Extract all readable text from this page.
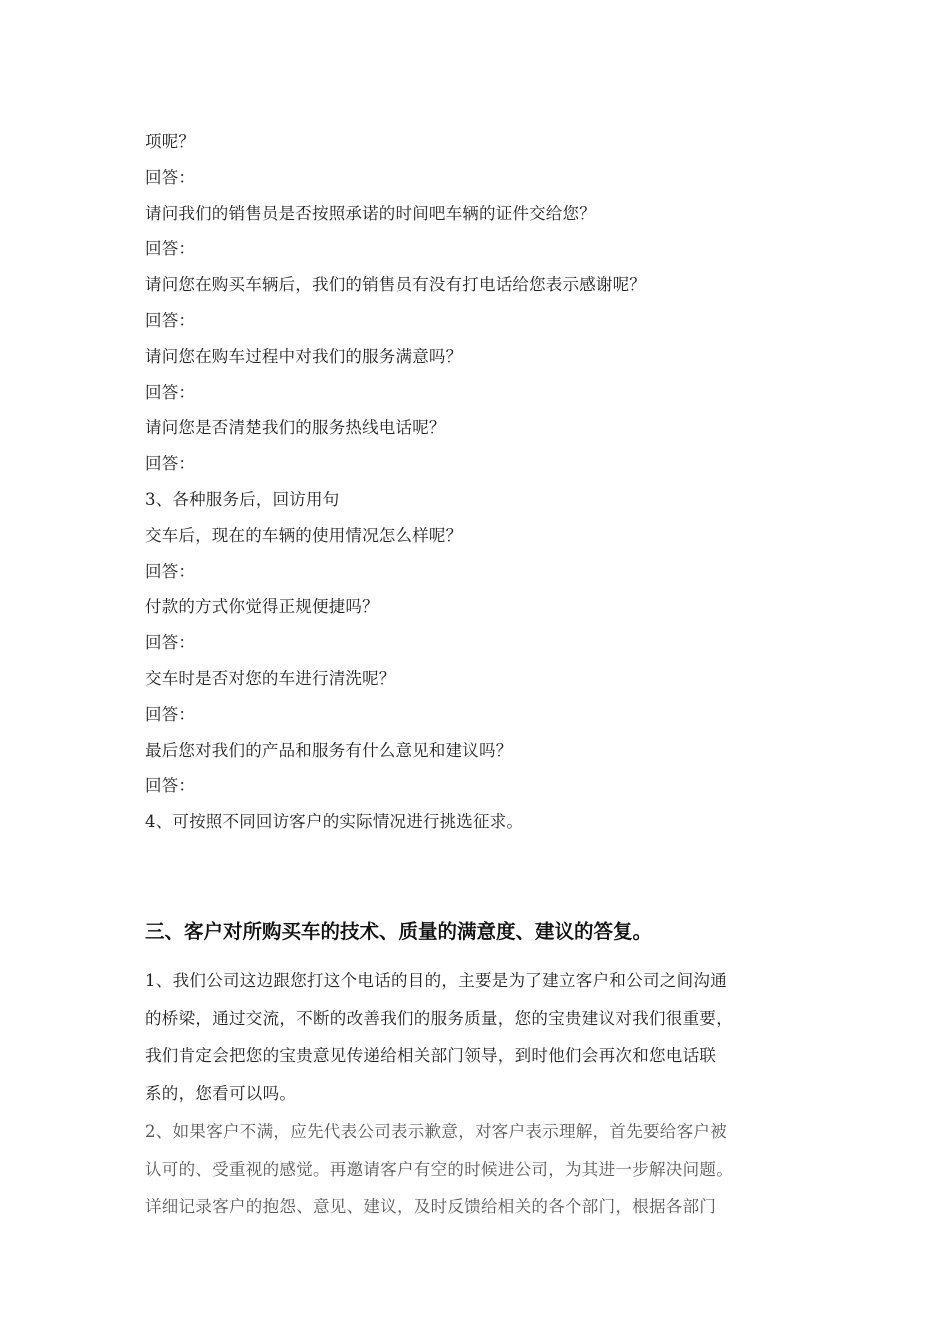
项呢？
回答：
请问我们的销售员是否按照承诺的时间吧车辆的证件交给您？
回答：
请问您在购买车辆后，我们的销售员有没有打电话给您表示感谢呢？
回答：
请问您在购车过程中对我们的服务满意吗？
回答：
请问您是否清楚我们的服务热线电话呢？
回答：
3、各种服务后，回访用句
交车后，现在的车辆的使用情况怎么样呢？
回答：
付款的方式你觉得正规便捷吗？
回答：
交车时是否对您的车进行清洗呢？
回答：
最后您对我们的产品和服务有什么意见和建议吗？
回答：
4、可按照不同回访客户的实际情况进行挑选征求。
三、客户对所购买车的技术、质量的满意度、建议的答复。
1、我们公司这边跟您打这个电话的目的，主要是为了建立客户和公司之间沟通
的桥梁，通过交流，不断的改善我们的服务质量，您的宝贵建议对我们很重要，
我们肯定会把您的宝贵意见传递给相关部门领导，到时他们会再次和您电话联
系的，您看可以吗。
2、如果客户不满，应先代表公司表示歉意，对客户表示理解，首先要给客户被
认可的、受重视的感觉。再邀请客户有空的时候进公司，为其进一步解决问题。
详细记录客户的抱怨、意见、建议，及时反馈给相关的各个部门，根据各部门
